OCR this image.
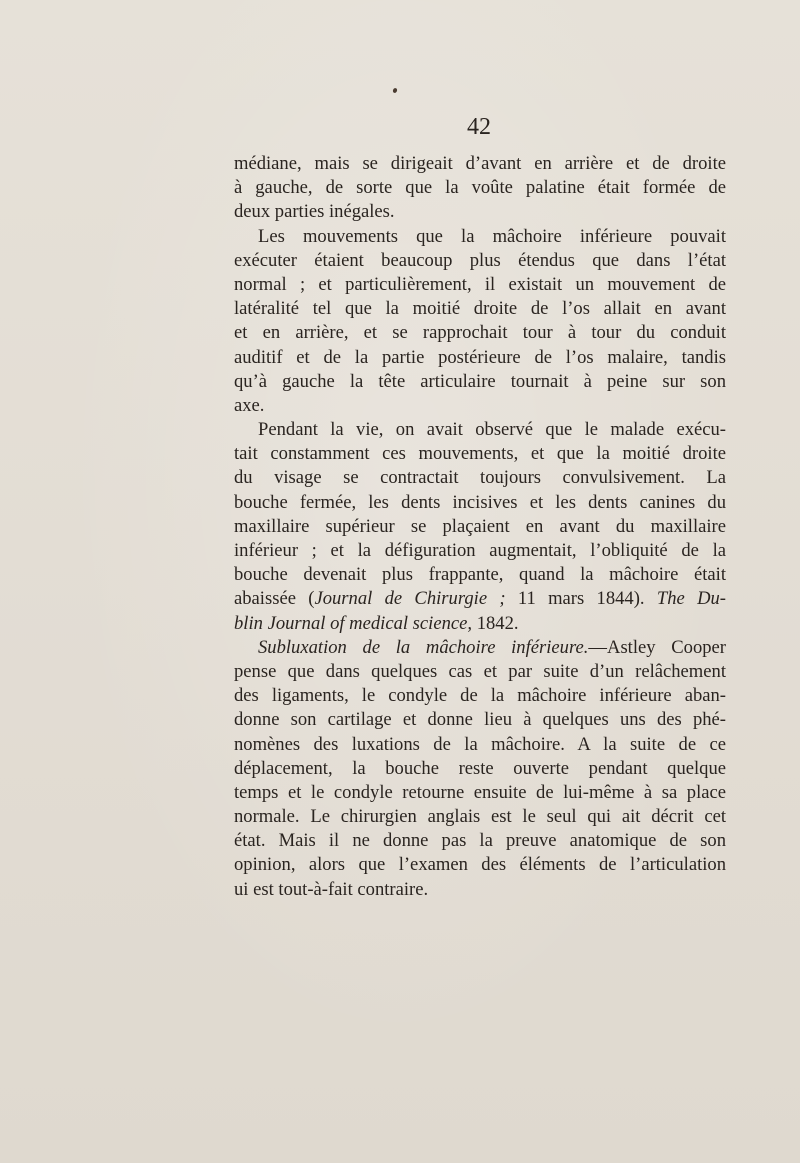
42
médiane, mais se dirigeait d’avant en arrière et de droite
à gauche, de sorte que la voûte palatine était formée de
deux parties inégales.
Les mouvements que la mâchoire inférieure pouvait
exécuter étaient beaucoup plus étendus que dans l’état
normal ; et particulièrement, il existait un mouvement de
latéralité tel que la moitié droite de l’os allait en avant
et en arrière, et se rapprochait tour à tour du conduit
auditif et de la partie postérieure de l’os malaire, tandis
qu’à gauche la tête articulaire tournait à peine sur son
axe.
Pendant la vie, on avait observé que le malade exécu-
tait constamment ces mouvements, et que la moitié droite
du visage se contractait toujours convulsivement. La
bouche fermée, les dents incisives et les dents canines du
maxillaire supérieur se plaçaient en avant du maxillaire
inférieur ; et la défiguration augmentait, l’obliquité de la
bouche devenait plus frappante, quand la mâchoire était
abaissée (Journal de Chirurgie ; 11 mars 1844). The Du-
blin Journal of medical science, 1842.
Subluxation de la mâchoire inférieure.—Astley Cooper
pense que dans quelques cas et par suite d’un relâchement
des ligaments, le condyle de la mâchoire inférieure aban-
donne son cartilage et donne lieu à quelques uns des phé-
nomènes des luxations de la mâchoire. A la suite de ce
déplacement, la bouche reste ouverte pendant quelque
temps et le condyle retourne ensuite de lui-même à sa place
normale. Le chirurgien anglais est le seul qui ait décrit cet
état. Mais il ne donne pas la preuve anatomique de son
opinion, alors que l’examen des éléments de l’articulation
ui est tout-à-fait contraire.
